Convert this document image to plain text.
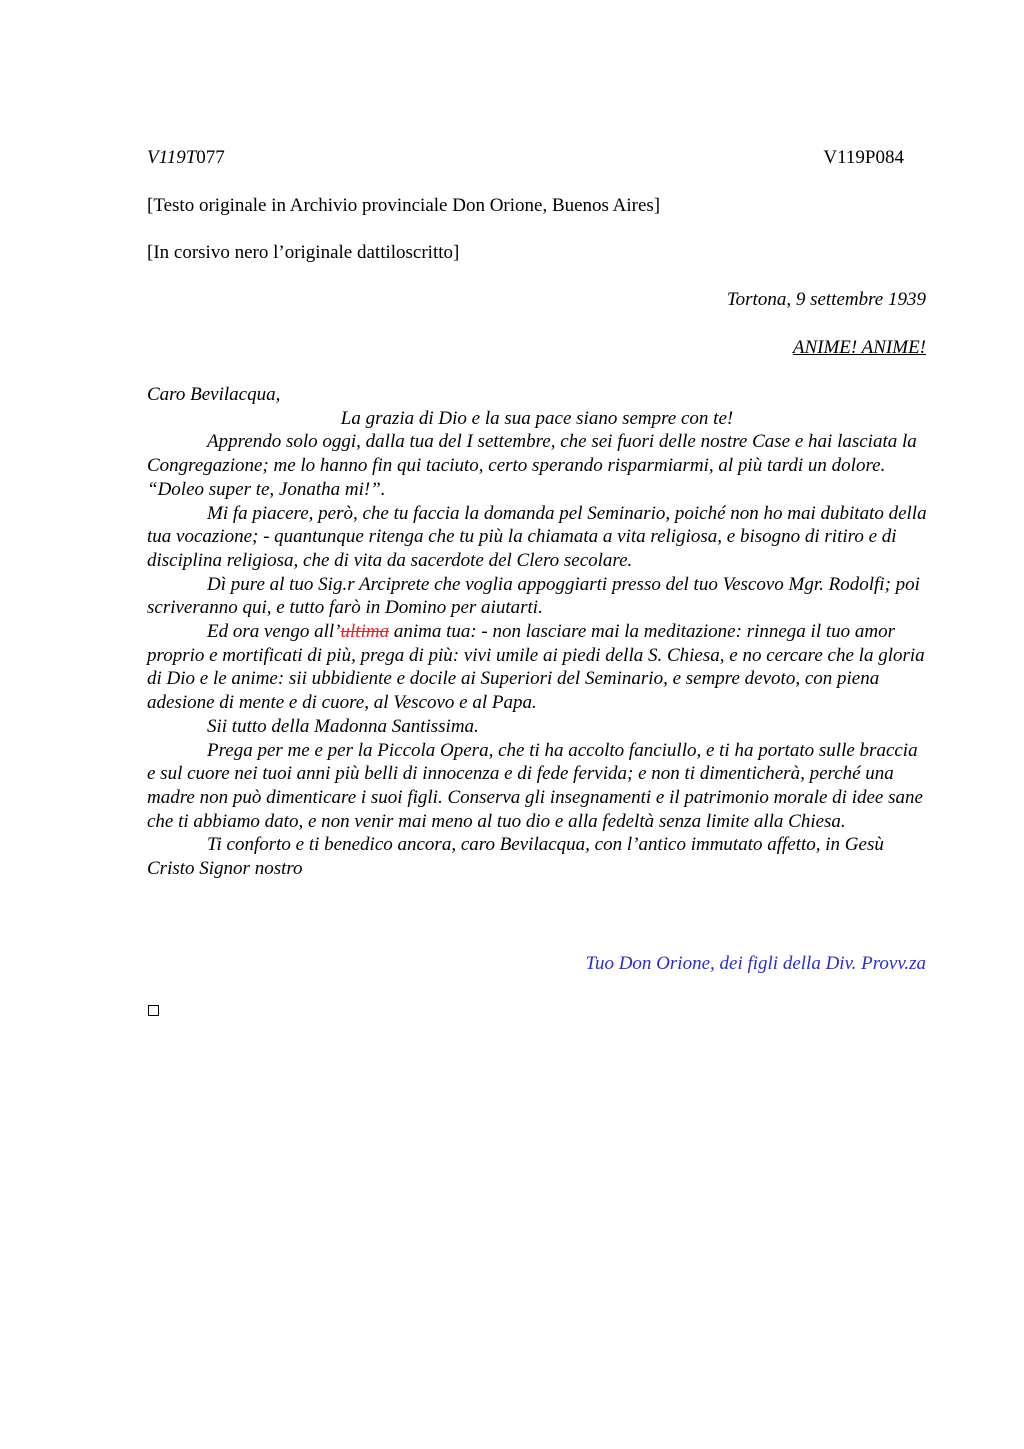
V119T077	V119P084
[Testo originale in Archivio provinciale Don Orione, Buenos Aires]
[In corsivo nero l’originale dattiloscritto]
Tortona, 9 settembre 1939
ANIME! ANIME!

Caro Bevilacqua,

La grazia di Dio e la sua pace siano sempre con te!

Apprendo solo oggi, dalla tua del I settembre, che sei fuori delle nostre Case e hai lasciata la Congregazione; me lo hanno fin qui taciuto, certo sperando risparmiarmi, al più tardi un dolore.

“Doleo super te, Jonatha mi!”.

Mi fa piacere, però, che tu faccia la domanda pel Seminario, poiché non ho mai dubitato della tua vocazione; - quantunque ritenga che tu più la chiamata a vita religiosa, e bisogno di ritiro e di disciplina religiosa, che di vita da sacerdote del Clero secolare.

Dì pure al tuo Sig.r Arciprete che voglia appoggiarti presso del tuo Vescovo Mgr. Rodolfi; poi scriveranno qui, e tutto farò in Domino per aiutarti.

Ed ora vengo all’ultima anima tua: - non lasciare mai la meditazione: rinnega il tuo amor proprio e mortificati di più, prega di più: vivi umile ai piedi della S. Chiesa, e no cercare che la gloria di Dio e le anime: sii ubbidiente e docile ai Superiori del Seminario, e sempre devoto, con piena adesione di mente e di cuore, al Vescovo e al Papa.

Sii tutto della Madonna Santissima.

Prega per me e per la Piccola Opera, che ti ha accolto fanciullo, e ti ha portato sulle braccia e sul cuore nei tuoi anni più belli di innocenza e di fede fervida; e non ti dimenticherà, perché una madre non può dimenticare i suoi figli. Conserva gli insegnamenti e il patrimonio morale di idee sane che ti abbiamo dato, e non venir mai meno al tuo dio e alla fedeltà senza limite alla Chiesa.

Ti conforto e ti benedico ancora, caro Bevilacqua, con l’antico immutato affetto, in Gesù Cristo Signor nostro

Tuo Don Orione, dei figli della Div. Provv.za
